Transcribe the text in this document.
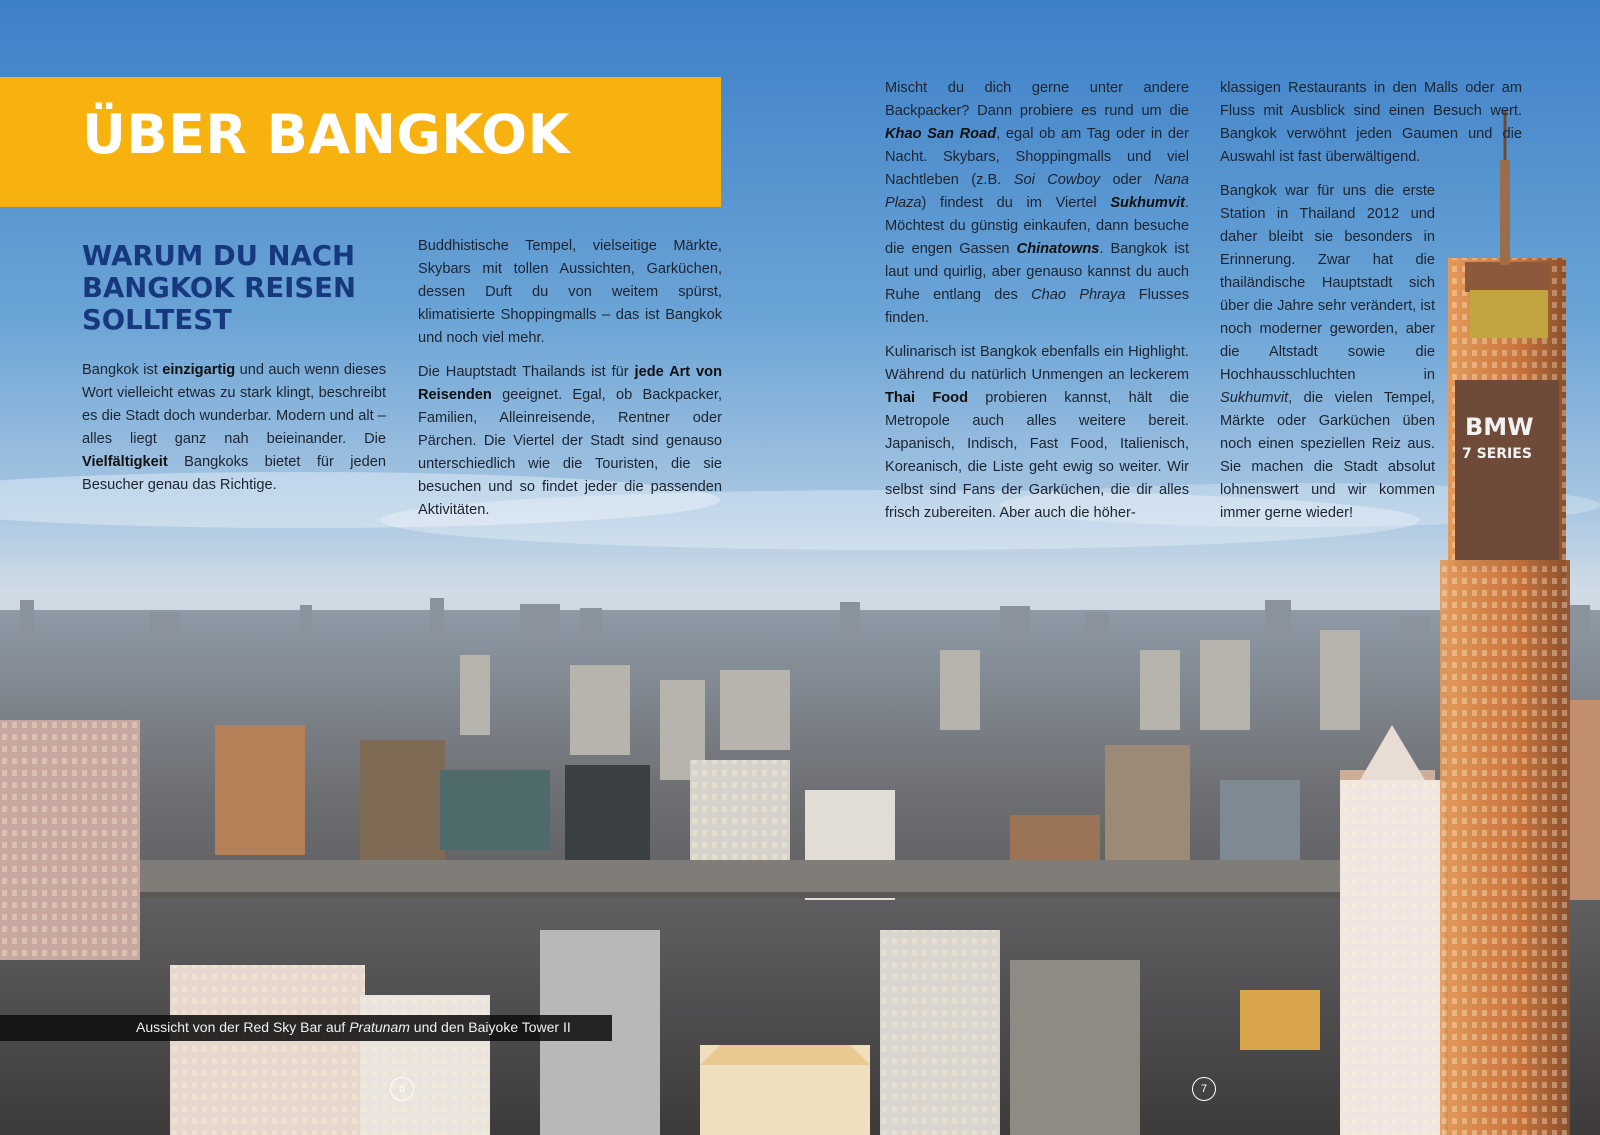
BMW
7 SERIES
ÜBER BANGKOK
WARUM DU NACH BANGKOK REISEN SOLLTEST

Bangkok ist einzigartig und auch wenn dieses Wort vielleicht etwas zu stark klingt, beschreibt es die Stadt doch wunderbar. Modern und alt – alles liegt ganz nah beieinander. Die Vielfältigkeit Bangkoks bietet für jeden Besucher genau das Richtige.

Buddhistische Tempel, vielseitige Märkte, Skybars mit tollen Aussichten, Garküchen, dessen Duft du von weitem spürst, klimatisierte Shoppingmalls – das ist Bangkok und noch viel mehr.

Die Hauptstadt Thailands ist für jede Art von Reisenden geeignet. Egal, ob Backpacker, Familien, Alleinreisende, Rentner oder Pärchen. Die Viertel der Stadt sind genauso unterschiedlich wie die Touristen, die sie besuchen und so findet jeder die passenden Aktivitäten.

Mischt du dich gerne unter andere Backpacker? Dann probiere es rund um die Khao San Road, egal ob am Tag oder in der Nacht. Skybars, Shoppingmalls und viel Nachtleben (z.B. Soi Cowboy oder Nana Plaza) findest du im Viertel Sukhumvit. Möchtest du günstig einkaufen, dann besuche die engen Gassen Chinatowns. Bangkok ist laut und quirlig, aber genauso kannst du auch Ruhe entlang des Chao Phraya Flusses finden.

Kulinarisch ist Bangkok ebenfalls ein Highlight. Während du natürlich Unmengen an leckerem Thai Food probieren kannst, hält die Metropole auch alles weitere bereit. Japanisch, Indisch, Fast Food, Italienisch, Koreanisch, die Liste geht ewig so weiter. Wir selbst sind Fans der Garküchen, die dir alles frisch zubereiten. Aber auch die höher-

klassigen Restaurants in den Malls oder am Fluss mit Ausblick sind einen Besuch wert. Bangkok verwöhnt jeden Gaumen und die Auswahl ist fast überwältigend.

Bangkok war für uns die erste Station in Thailand 2012 und daher bleibt sie besonders in Erinnerung. Zwar hat die thailändische Hauptstadt sich über die Jahre sehr verändert, ist noch moderner geworden, aber die Altstadt sowie die Hochhausschluchten in Sukhumvit, die vielen Tempel, Märkte oder Garküchen üben noch einen speziellen Reiz aus. Sie machen die Stadt absolut lohnenswert und wir kommen immer gerne wieder!

Aussicht von der Red Sky Bar auf Pratunam und den Baiyoke Tower II
6	7
